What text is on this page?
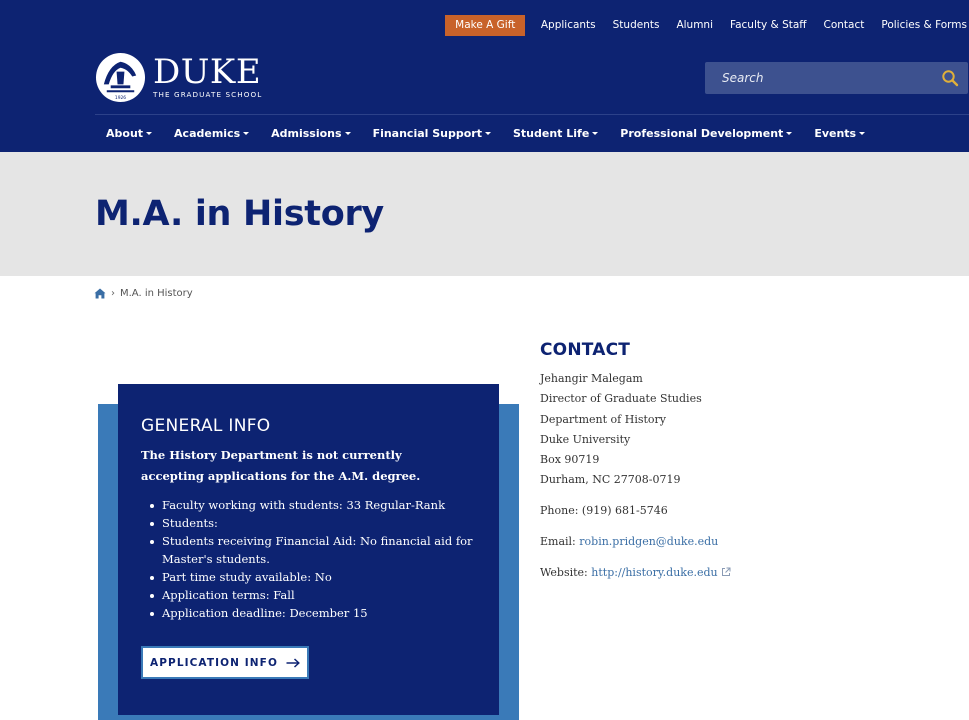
Make A Gift	Applicants	Students	Alumni	Faculty & Staff	Contact	Policies & Forms
1926
DUKE
THE GRADUATE SCHOOL
Search
About	Academics	Admissions	Financial Support	Student Life	Professional Development	Events
M.A. in History
› M.A. in History
GENERAL INFO

The History Department is not currently accepting applications for the A.M. degree.

Faculty working with students: 33 Regular-Rank
Students:
Students receiving Financial Aid: No financial aid for Master's students.
Part time study available: No
Application terms: Fall
Application deadline: December 15
APPLICATION INFO
CONTACT
Jehangir Malegam
Director of Graduate Studies
Department of History
Duke University
Box 90719
Durham, NC 27708-0719
Phone: (919) 681-5746
Email: robin.pridgen@duke.edu
Website: http://history.duke.edu
